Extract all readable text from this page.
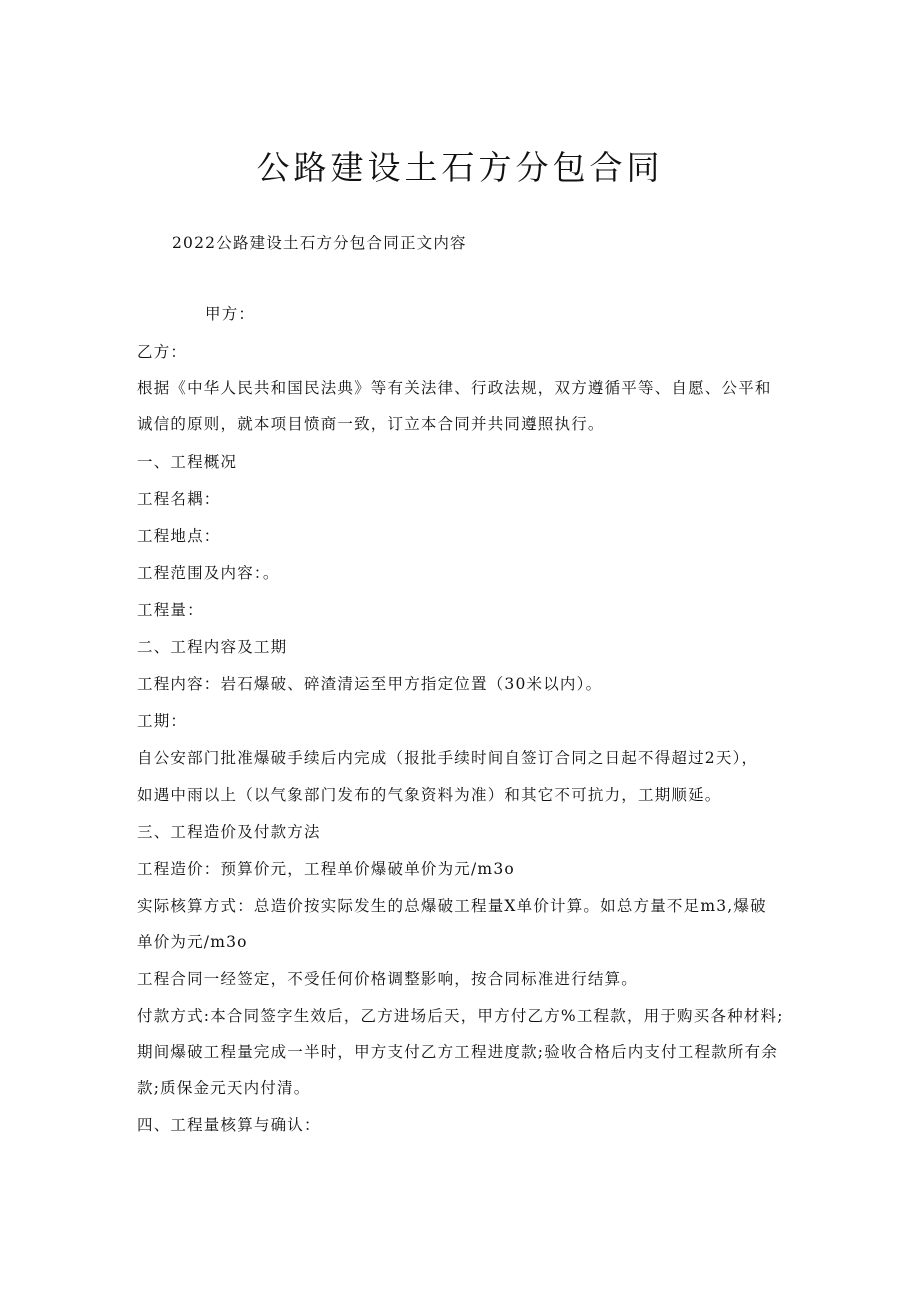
公路建设土石方分包合同
2022公路建设土石方分包合同正文内容
甲方：
乙方：
根据《中华人民共和国民法典》等有关法律、行政法规，双方遵循平等、自愿、公平和
诚信的原则，就本项目愤商一致，订立本合同并共同遵照执行。
一、工程概况
工程名耦：
工程地点：
工程范围及内容：。
工程量：
二、工程内容及工期
工程内容：岩石爆破、碎渣清运至甲方指定位置（30米以内）。
工期：
自公安部门批准爆破手续后内完成（报批手续时间自签订合同之日起不得超过2天），
如遇中雨以上（以气象部门发布的气象资料为准）和其它不可抗力，工期顺延。
三、工程造价及付款方法
工程造价：预算价元，工程单价爆破单价为元/m3o
实际核算方式：总造价按实际发生的总爆破工程量X单价计算。如总方量不足m3,爆破
单价为元/m3o
工程合同一经签定，不受任何价格调整影响，按合同标准进行结算。
付款方式:本合同签字生效后，乙方进场后天，甲方付乙方%工程款，用于购买各种材料;
期间爆破工程量完成一半时，甲方支付乙方工程进度款;验收合格后内支付工程款所有余
款;质保金元天内付清。
四、工程量核算与确认：
